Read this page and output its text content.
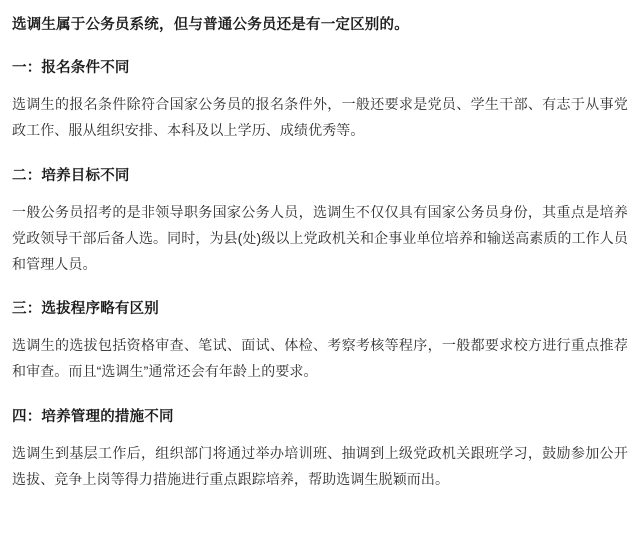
选调生属于公务员系统，但与普通公务员还是有一定区别的。

一：报名条件不同

选调生的报名条件除符合国家公务员的报名条件外，一般还要求是党员、学生干部、有志于从事党政工作、服从组织安排、本科及以上学历、成绩优秀等。

二：培养目标不同

一般公务员招考的是非领导职务国家公务人员，选调生不仅仅具有国家公务员身份，其重点是培养党政领导干部后备人选。同时，为县(处)级以上党政机关和企事业单位培养和输送高素质的工作人员和管理人员。

三：选拔程序略有区别

选调生的选拔包括资格审查、笔试、面试、体检、考察考核等程序，一般都要求校方进行重点推荐和审查。而且“选调生”通常还会有年龄上的要求。

四：培养管理的措施不同

选调生到基层工作后，组织部门将通过举办培训班、抽调到上级党政机关跟班学习，鼓励参加公开选拔、竞争上岗等得力措施进行重点跟踪培养，帮助选调生脱颖而出。
